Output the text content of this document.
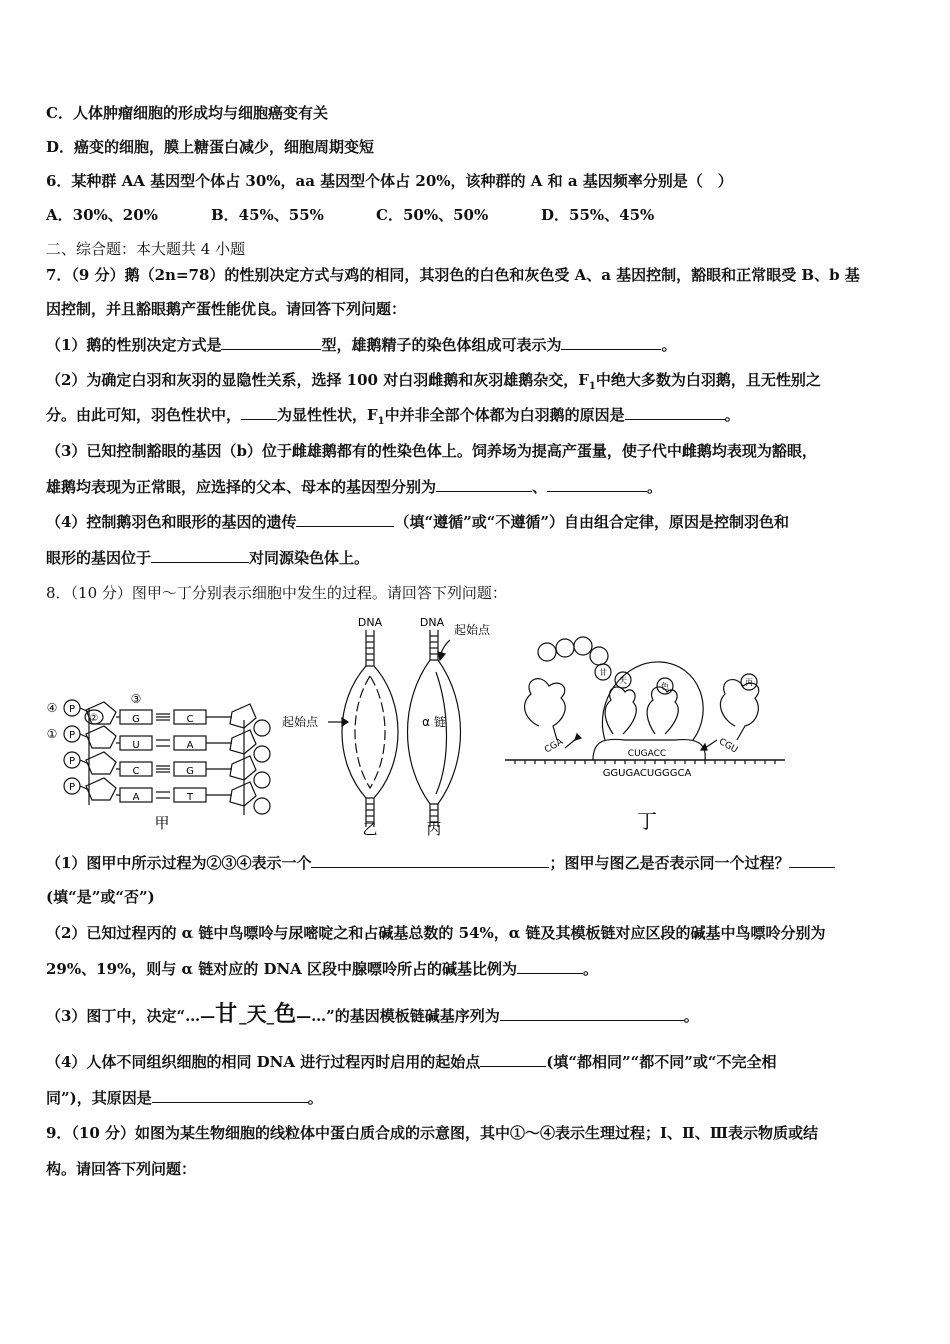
C．人体肿瘤细胞的形成均与细胞癌变有关
D．癌变的细胞，膜上糖蛋白减少，细胞周期变短
6．某种群 AA 基因型个体占 30%，aa 基因型个体占 20%，该种群的 A 和 a 基因频率分别是（　）
A．30%、20%	B．45%、55%	C．50%、50%	D．55%、45%
二、综合题：本大题共 4 小题
7．（9 分）鹅（2n=78）的性别决定方式与鸡的相同，其羽色的白色和灰色受 A、a 基因控制，豁眼和正常眼受 B、b 基
因控制，并且豁眼鹅产蛋性能优良。请回答下列问题：
（1）鹅的性别决定方式是	型，雄鹅精子的染色体组成可表示为	。
（2）为确定白羽和灰羽的显隐性关系，选择 100 对白羽雌鹅和灰羽雄鹅杂交，$F_1$中绝大多数为白羽鹅，且无性别之
分。由此可知，羽色性状中， 为显性性状，$F_1$中并非全部个体都为白羽鹅的原因是	。
（3）已知控制豁眼的基因（b）位于雌雄鹅都有的性染色体上。饲养场为提高产蛋量，使子代中雌鹅均表现为豁眼，
雄鹅均表现为正常眼，应选择的父本、母本的基因型分别为	、	。
（4）控制鹅羽色和眼形的基因的遗传	（填“遵循”或“不遵循”）自由组合定律，原因是控制羽色和
眼形的基因位于	对同源染色体上。
8．（10 分）图甲～丁分别表示细胞中发生的过程。请回答下列问题：
P
P
P
P
④
①
②
③
G
U
C
A
C
A
G
T
甲
DNA	DNA
起始点
起始点
α 链
乙	丙
CGA	CUGACC	CGU
GGUGACUGGGCA
甘
天
色	丙
丁
（1）图甲中所示过程为②③④表示一个	；图甲与图乙是否表示同一个过程？
(填“是”或“否”)
（2）已知过程丙的 α 链中鸟嘌呤与尿嘧啶之和占碱基总数的 54%，α 链及其模板链对应区段的碱基中鸟嘌呤分别为
29%、19%，则与 α 链对应的 DNA 区段中腺嘌呤所占的碱基比例为	。
（3）图丁中，决定“…—甘_天_色—…”的基因模板链碱基序列为	。
（4）人体不同组织细胞的相同 DNA 进行过程丙时启用的起始点	(填“都相同”“都不同”或“不完全相
同”)，其原因是	。
9．（10 分）如图为某生物细胞的线粒体中蛋白质合成的示意图，其中①～④表示生理过程；Ⅰ、Ⅱ、Ⅲ表示物质或结
构。请回答下列问题：
